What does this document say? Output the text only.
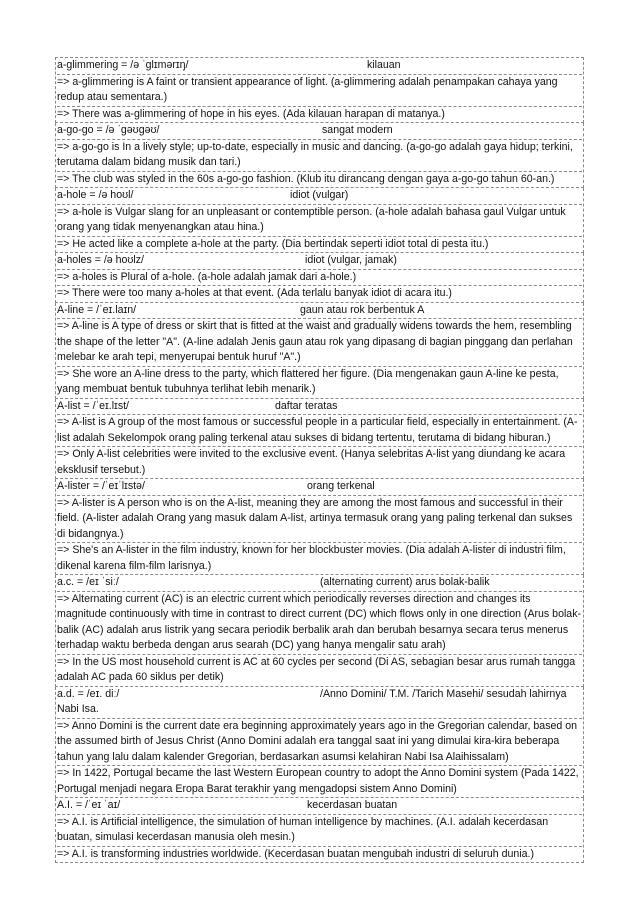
a-glimmering = /ə ˈɡlɪmərɪŋ/	kilauan

=> a-glimmering is A faint or transient appearance of light. (a-glimmering adalah penampakan cahaya yang redup atau sementara.)

=> There was a-glimmering of hope in his eyes. (Ada kilauan harapan di matanya.)

a-go-go = /ə ˈɡəʊɡəʊ/	sangat modern

=> a-go-go is In a lively style; up-to-date, especially in music and dancing. (a-go-go adalah gaya hidup; terkini, terutama dalam bidang musik dan tari.)

=> The club was styled in the 60s a-go-go fashion. (Klub itu dirancang dengan gaya a-go-go tahun 60-an.)

a-hole = /ə hoʊl/	idiot (vulgar)

=> a-hole is Vulgar slang for an unpleasant or contemptible person. (a-hole adalah bahasa gaul Vulgar untuk orang yang tidak menyenangkan atau hina.)

=> He acted like a complete a-hole at the party. (Dia bertindak seperti idiot total di pesta itu.)

a-holes = /ə hoʊlz/	idiot (vulgar, jamak)

=> a-holes is Plural of a-hole. (a-hole adalah jamak dari a-hole.)

=> There were too many a-holes at that event. (Ada terlalu banyak idiot di acara itu.)

A-line = /ˈeɪ.laɪn/	gaun atau rok berbentuk A

=> A-line is A type of dress or skirt that is fitted at the waist and gradually widens towards the hem, resembling the shape of the letter "A". (A-line adalah Jenis gaun atau rok yang dipasang di bagian pinggang dan perlahan melebar ke arah tepi, menyerupai bentuk huruf "A".)

=> She wore an A-line dress to the party, which flattered her figure. (Dia mengenakan gaun A-line ke pesta, yang membuat bentuk tubuhnya terlihat lebih menarik.)

A-list = /ˈeɪ.lɪst/	daftar teratas

=> A-list is A group of the most famous or successful people in a particular field, especially in entertainment. (A-list adalah Sekelompok orang paling terkenal atau sukses di bidang tertentu, terutama di bidang hiburan.)

=> Only A-list celebrities were invited to the exclusive event. (Hanya selebritas A-list yang diundang ke acara eksklusif tersebut.)

A-lister = /ˈeɪˈlɪstə/	orang terkenal

=> A-lister is A person who is on the A-list, meaning they are among the most famous and successful in their field. (A-lister adalah Orang yang masuk dalam A-list, artinya termasuk orang yang paling terkenal dan sukses di bidangnya.)

=> She's an A-lister in the film industry, known for her blockbuster movies. (Dia adalah A-lister di industri film, dikenal karena film-film larisnya.)

a.c. = /eɪ ˈsiː/	(alternating current) arus bolak-balik

=> Alternating current (AC) is an electric current which periodically reverses direction and changes its magnitude continuously with time in contrast to direct current (DC) which flows only in one direction (Arus bolak-balik (AC) adalah arus listrik yang secara periodik berbalik arah dan berubah besarnya secara terus menerus terhadap waktu berbeda dengan arus searah (DC) yang hanya mengalir satu arah)

=> In the US most household current is AC at 60 cycles per second (Di AS, sebagian besar arus rumah tangga adalah AC pada 60 siklus per detik)

a.d. = /eɪ. diː/	/Anno Domini/ T.M. /Tarich Masehi/ sesudah lahirnya Nabi Isa.

=> Anno Domini is the current date era beginning approximately years ago in the Gregorian calendar, based on the assumed birth of Jesus Christ (Anno Domini adalah era tanggal saat ini yang dimulai kira-kira beberapa tahun yang lalu dalam kalender Gregorian, berdasarkan asumsi kelahiran Nabi Isa Alaihissalam)

=> In 1422, Portugal became the last Western European country to adopt the Anno Domini system (Pada 1422, Portugal menjadi negara Eropa Barat terakhir yang mengadopsi sistem Anno Domini)

A.I. = /ˈeɪ ˈaɪ/	kecerdasan buatan

=> A.I. is Artificial intelligence, the simulation of human intelligence by machines. (A.I. adalah kecerdasan buatan, simulasi kecerdasan manusia oleh mesin.)

=> A.I. is transforming industries worldwide. (Kecerdasan buatan mengubah industri di seluruh dunia.)
